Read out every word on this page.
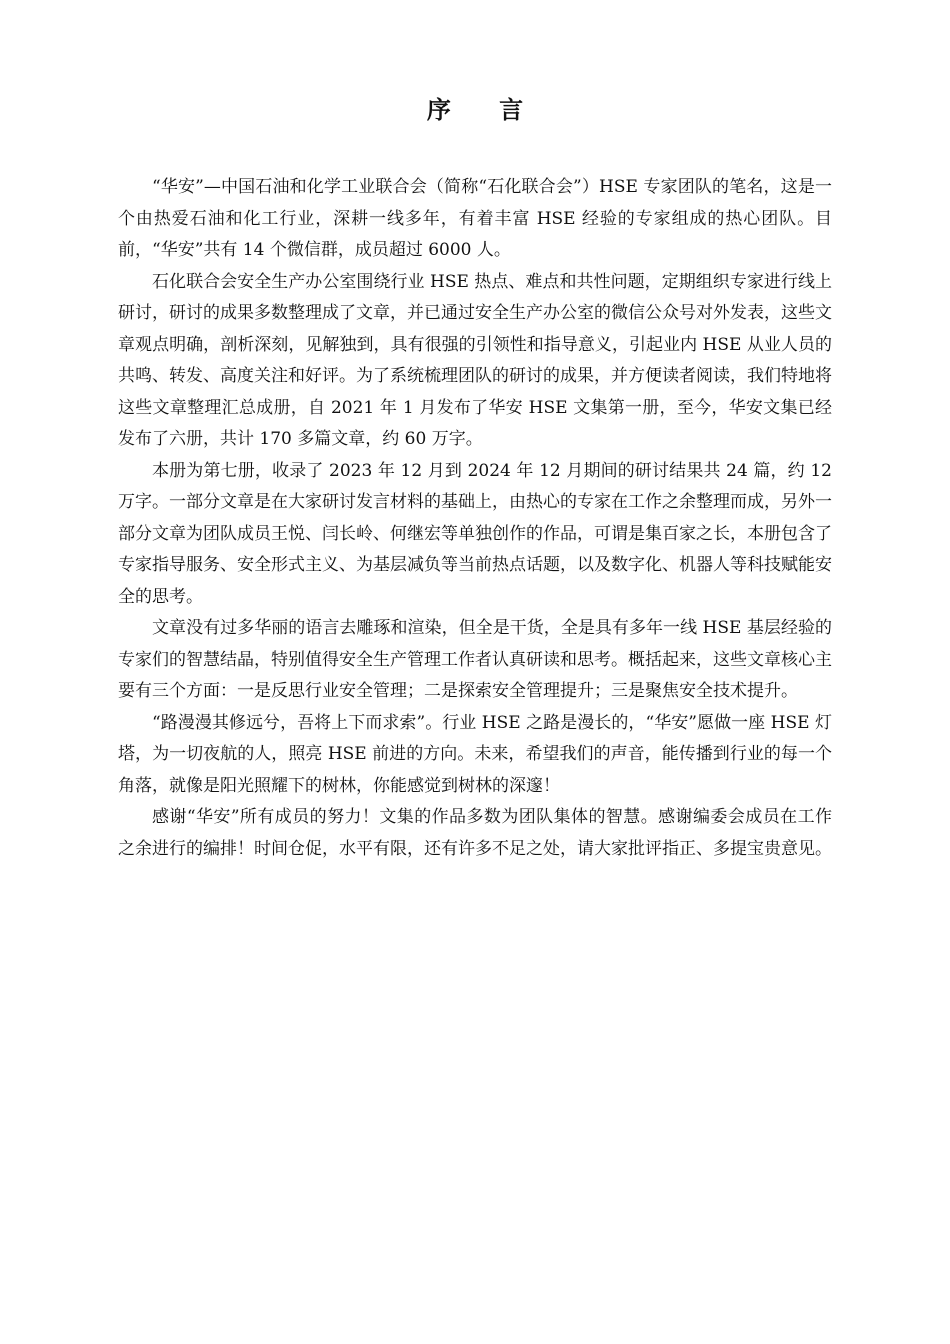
序 言

“华安”—中国石油和化学工业联合会（简称“石化联合会”）HSE 专家团队的笔名，这是一个由热爱石油和化工行业，深耕一线多年，有着丰富 HSE 经验的专家组成的热心团队。目前，“华安”共有 14 个微信群，成员超过 6000 人。

石化联合会安全生产办公室围绕行业 HSE 热点、难点和共性问题，定期组织专家进行线上研讨，研讨的成果多数整理成了文章，并已通过安全生产办公室的微信公众号对外发表，这些文章观点明确，剖析深刻，见解独到，具有很强的引领性和指导意义，引起业内 HSE 从业人员的共鸣、转发、高度关注和好评。为了系统梳理团队的研讨的成果，并方便读者阅读，我们特地将这些文章整理汇总成册，自 2021 年 1 月发布了华安 HSE 文集第一册，至今，华安文集已经发布了六册，共计 170 多篇文章，约 60 万字。

本册为第七册，收录了 2023 年 12 月到 2024 年 12 月期间的研讨结果共 24 篇，约 12 万字。一部分文章是在大家研讨发言材料的基础上，由热心的专家在工作之余整理而成，另外一部分文章为团队成员王悦、闫长岭、何继宏等单独创作的作品，可谓是集百家之长，本册包含了专家指导服务、安全形式主义、为基层减负等当前热点话题，以及数字化、机器人等科技赋能安全的思考。

文章没有过多华丽的语言去雕琢和渲染，但全是干货，全是具有多年一线 HSE 基层经验的专家们的智慧结晶，特别值得安全生产管理工作者认真研读和思考。概括起来，这些文章核心主要有三个方面：一是反思行业安全管理；二是探索安全管理提升；三是聚焦安全技术提升。

“路漫漫其修远兮，吾将上下而求索”。行业 HSE 之路是漫长的，“华安”愿做一座 HSE 灯塔，为一切夜航的人，照亮 HSE 前进的方向。未来，希望我们的声音，能传播到行业的每一个角落，就像是阳光照耀下的树林，你能感觉到树林的深邃！

感谢“华安”所有成员的努力！文集的作品多数为团队集体的智慧。感谢编委会成员在工作之余进行的编排！时间仓促，水平有限，还有许多不足之处，请大家批评指正、多提宝贵意见。
